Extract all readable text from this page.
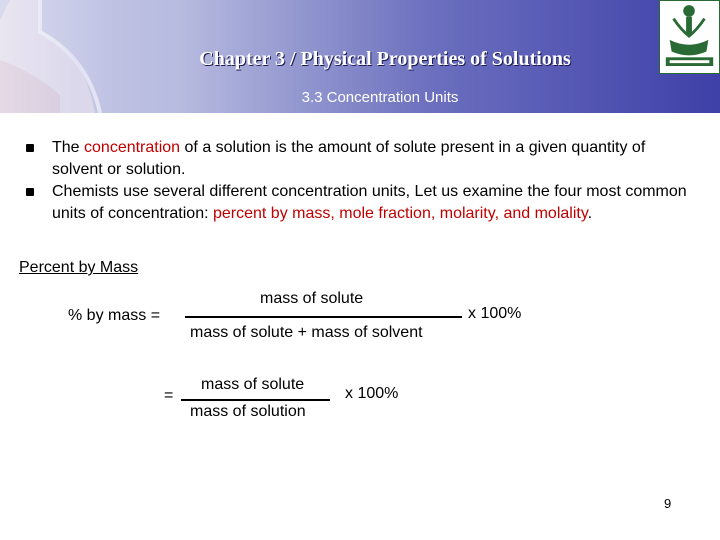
Chapter 3 / Physical Properties of Solutions
3.3 Concentration Units
The concentration of a solution is the amount of solute present in a given quantity of solvent or solution.
Chemists use several different concentration units, Let us examine the four most common units of concentration: percent by mass, mole fraction, molarity, and molality.
Percent by Mass
% by mass =
mass of solute
mass of solute + mass of solvent
x 100%
=
mass of solute
mass of solution
x 100%
9
